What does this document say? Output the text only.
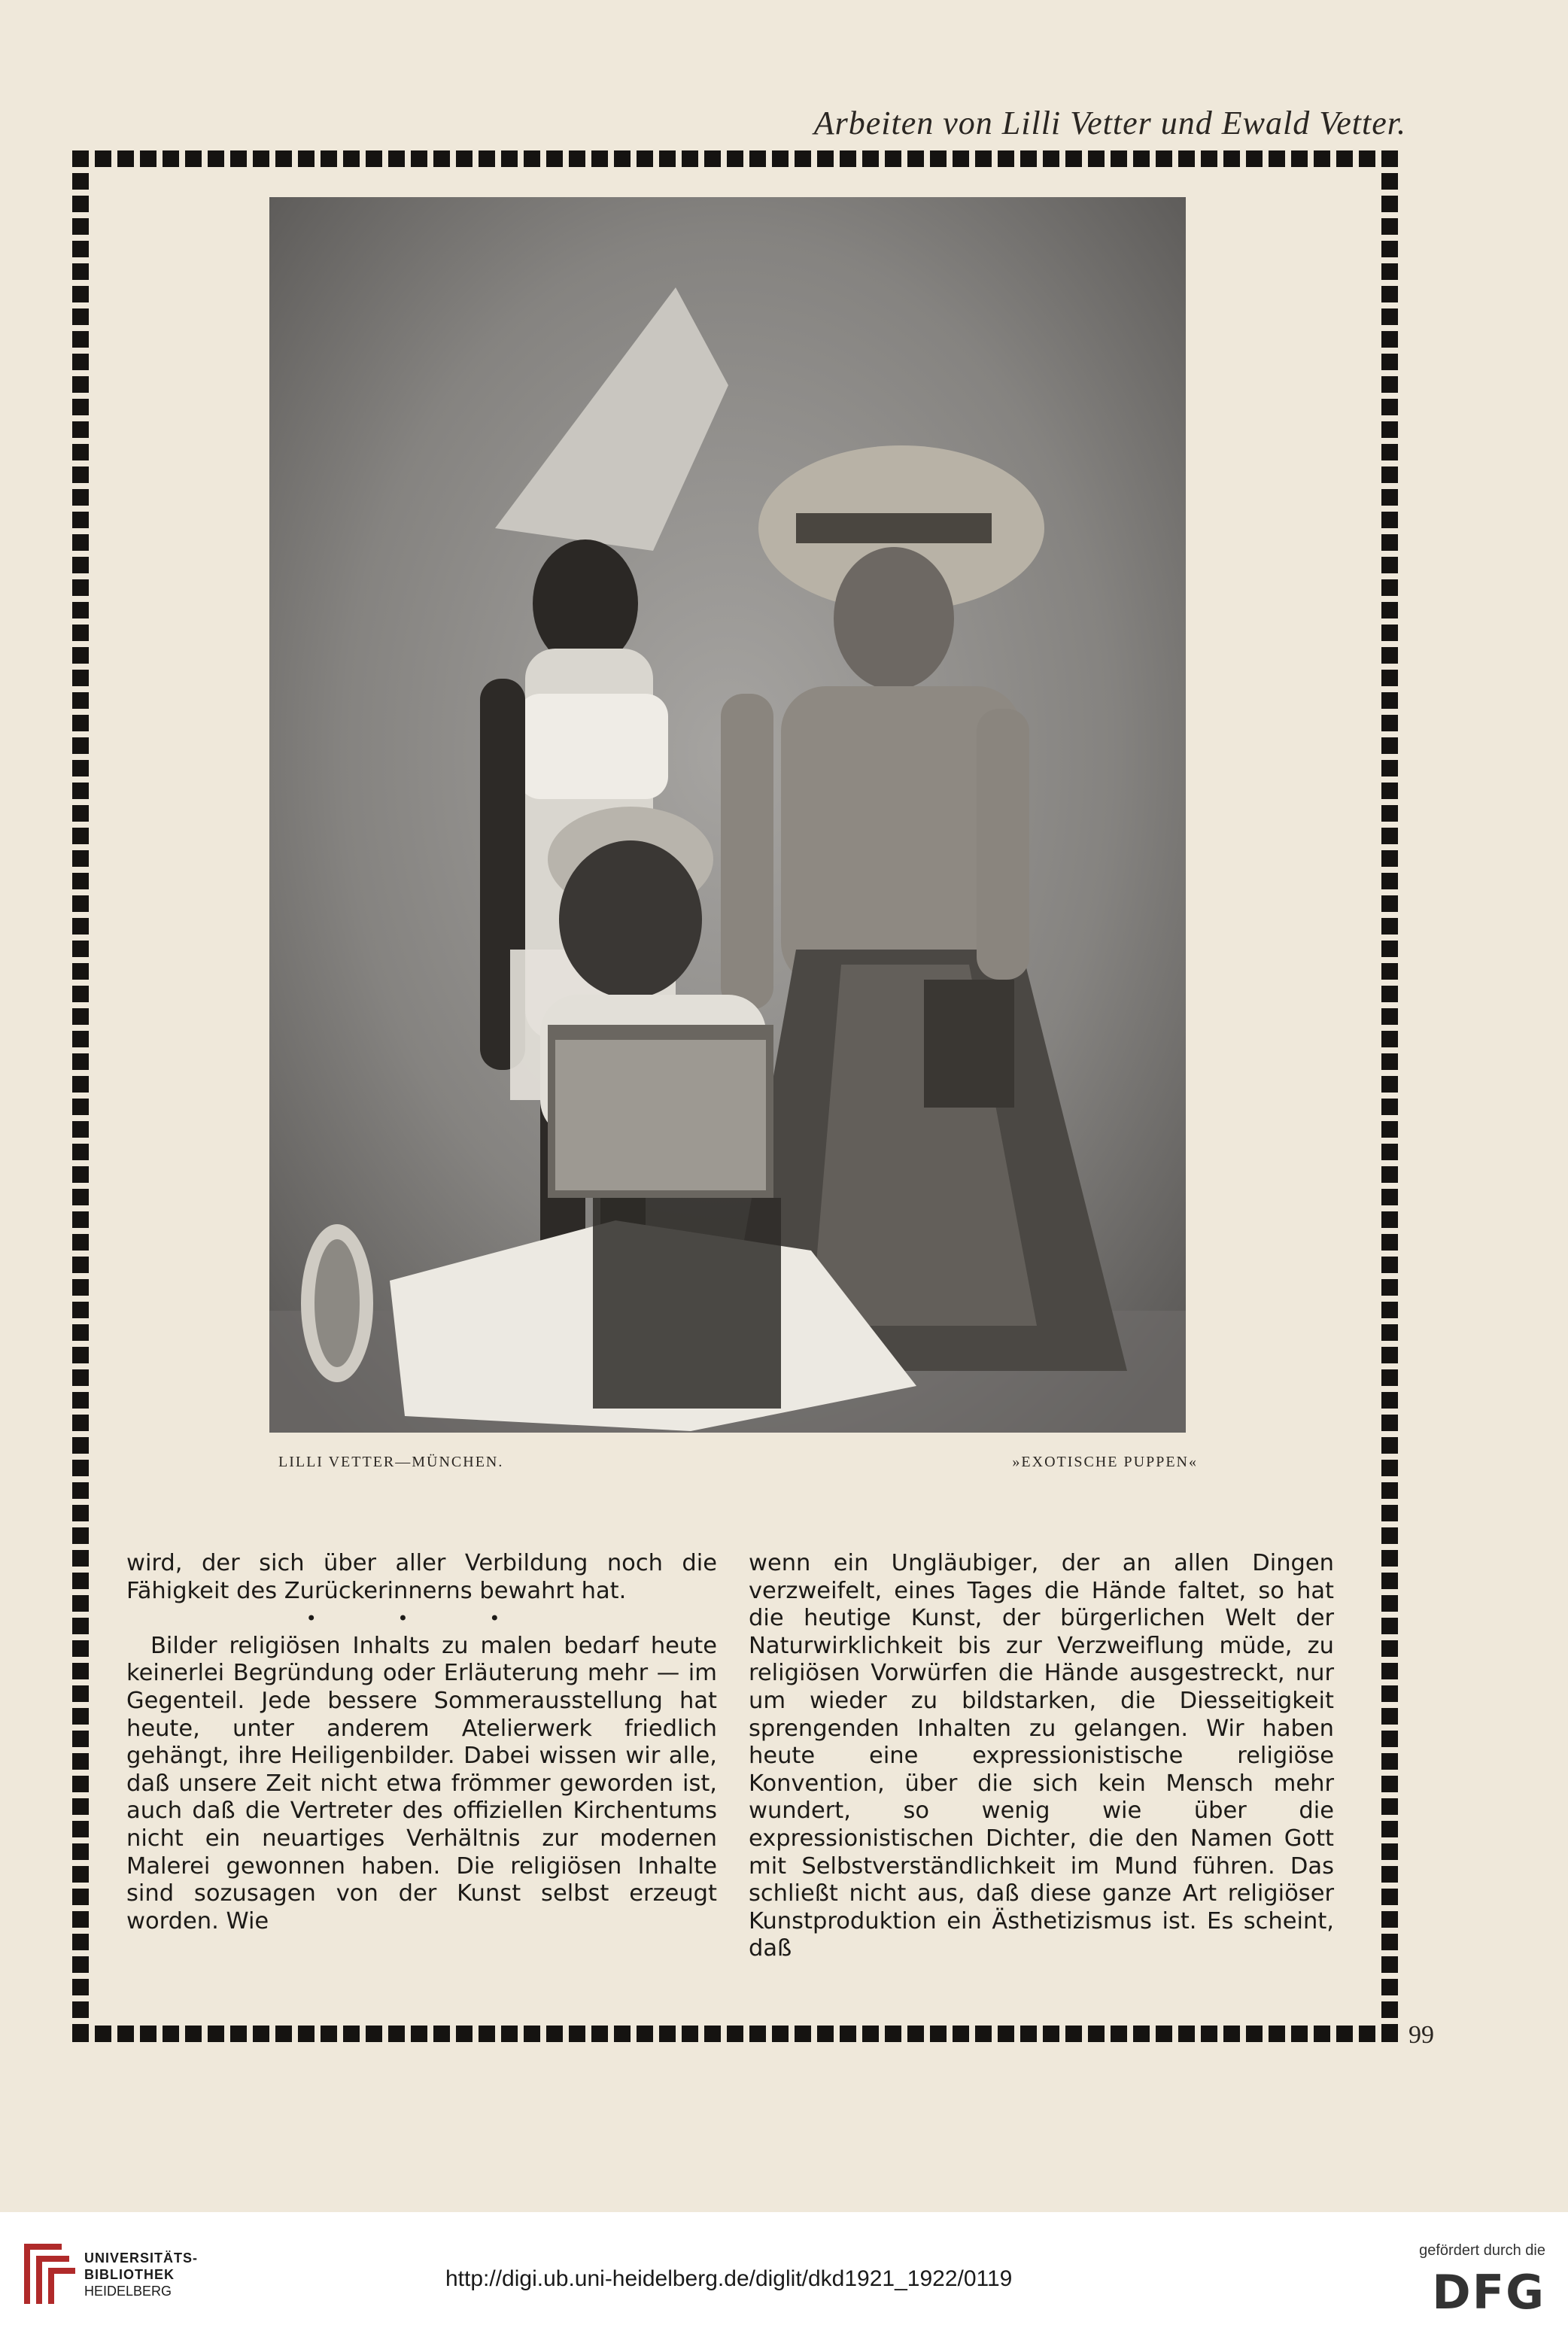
Arbeiten von Lilli Vetter und Ewald Vetter.
LILLI VETTER—MÜNCHEN.	»EXOTISCHE PUPPEN«

wird, der sich über aller Verbildung noch die Fähigkeit des Zurückerinnerns bewahrt hat.

• • •

Bilder religiösen Inhalts zu malen bedarf heute keinerlei Begründung oder Erläuterung mehr — im Gegenteil. Jede bessere Sommerausstellung hat heute, unter anderem Atelierwerk friedlich gehängt, ihre Heiligenbilder. Dabei wissen wir alle, daß unsere Zeit nicht etwa frömmer geworden ist, auch daß die Vertreter des offiziellen Kirchentums nicht ein neuartiges Verhältnis zur modernen Malerei gewonnen haben. Die religiösen Inhalte sind sozusagen von der Kunst selbst erzeugt worden. Wie

wenn ein Ungläubiger, der an allen Dingen verzweifelt, eines Tages die Hände faltet, so hat die heutige Kunst, der bürgerlichen Welt der Naturwirklichkeit bis zur Verzweiflung müde, zu religiösen Vorwürfen die Hände ausgestreckt, nur um wieder zu bildstarken, die Diesseitigkeit sprengenden Inhalten zu gelangen. Wir haben heute eine expressionistische religiöse Konvention, über die sich kein Mensch mehr wundert, so wenig wie über die expressionistischen Dichter, die den Namen Gott mit Selbstverständlichkeit im Mund führen. Das schließt nicht aus, daß diese ganze Art religiöser Kunstproduktion ein Ästhetizismus ist. Es scheint, daß

99
UNIVERSITÄTS-
BIBLIOTHEK
HEIDELBERG	http://digi.ub.uni-heidelberg.de/diglit/dkd1921_1922/0119
gefördert durch die
DFG
